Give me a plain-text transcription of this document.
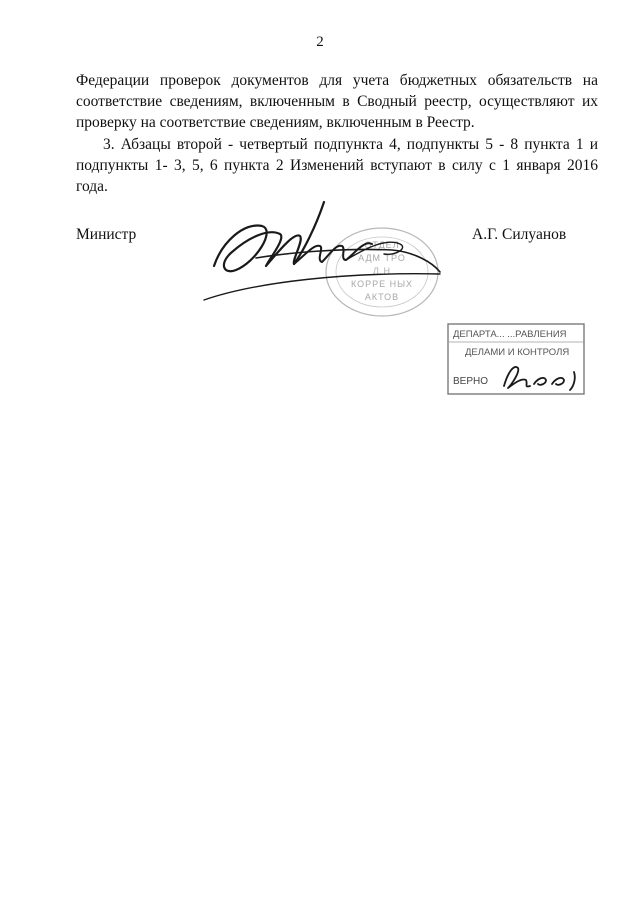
2

Федерации проверок документов для учета бюджетных обязательств на соответствие сведениям, включенным в Сводный реестр, осуществляют их проверку на соответствие сведениям, включенным в Реестр.

3. Абзацы второй - четвертый подпункта 4, подпункты 5 - 8 пункта 1 и подпункты 1- 3, 5, 6 пункта 2 Изменений вступают в силу с 1 января 2016 года.

Министр	А.Г. Силуанов
ОТДЕЛ
АДМ ТРО
Л Н
КОРРЕ НЫХ
АКТОВ
ДЕПАРТА... ...РАВЛЕНИЯ
ДЕЛАМИ И КОНТРОЛЯ
ВЕРНО
